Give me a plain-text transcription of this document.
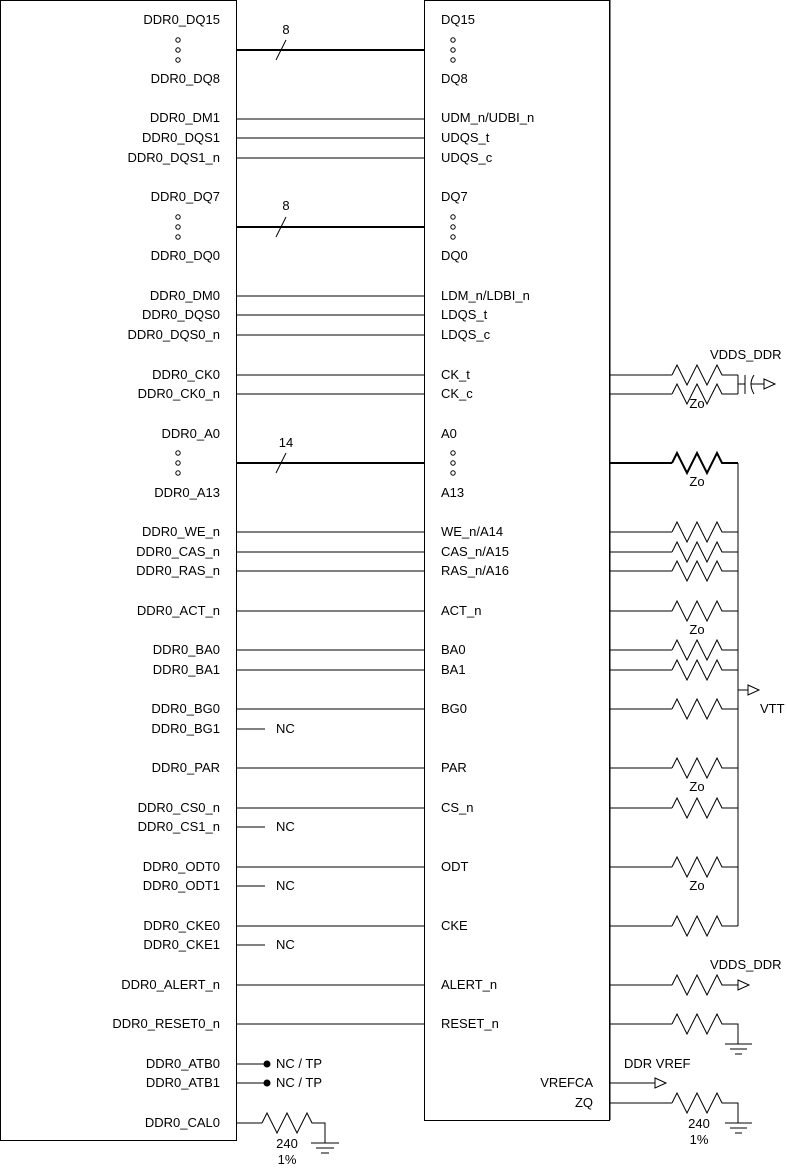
DDR0_DQ15
DDR0_DQ8
DDR0_DM1
DDR0_DQS1
DDR0_DQS1_n
DDR0_DQ7
DDR0_DQ0
DDR0_DM0
DDR0_DQS0
DDR0_DQS0_n
DDR0_CK0
DDR0_CK0_n
DDR0_A0
DDR0_A13
DDR0_WE_n
DDR0_CAS_n
DDR0_RAS_n
DDR0_ACT_n
DDR0_BA0
DDR0_BA1
DDR0_BG0
DDR0_BG1
DDR0_PAR
DDR0_CS0_n
DDR0_CS1_n
DDR0_ODT0
DDR0_ODT1
DDR0_CKE0
DDR0_CKE1
DDR0_ALERT_n
DDR0_RESET0_n
DDR0_ATB0
DDR0_ATB1
DDR0_CAL0
DQ15
DQ8
UDM_n/UDBI_n
UDQS_t
UDQS_c
DQ7
DQ0
LDM_n/LDBI_n
LDQS_t
LDQS_c
CK_t
CK_c
A0
A13
WE_n/A14
CAS_n/A15
RAS_n/A16
ACT_n
BA0
BA1
BG0
PAR
CS_n
ODT
CKE
ALERT_n
RESET_n
VREFCA
ZQ
8
8
14
NC
NC
NC
NC
NC / TP
NC / TP
VDDS_DDR
VTT
VDDS_DDR
DDR VREF
Zo
Zo
Zo
Zo
Zo
240
1%
240
1%
